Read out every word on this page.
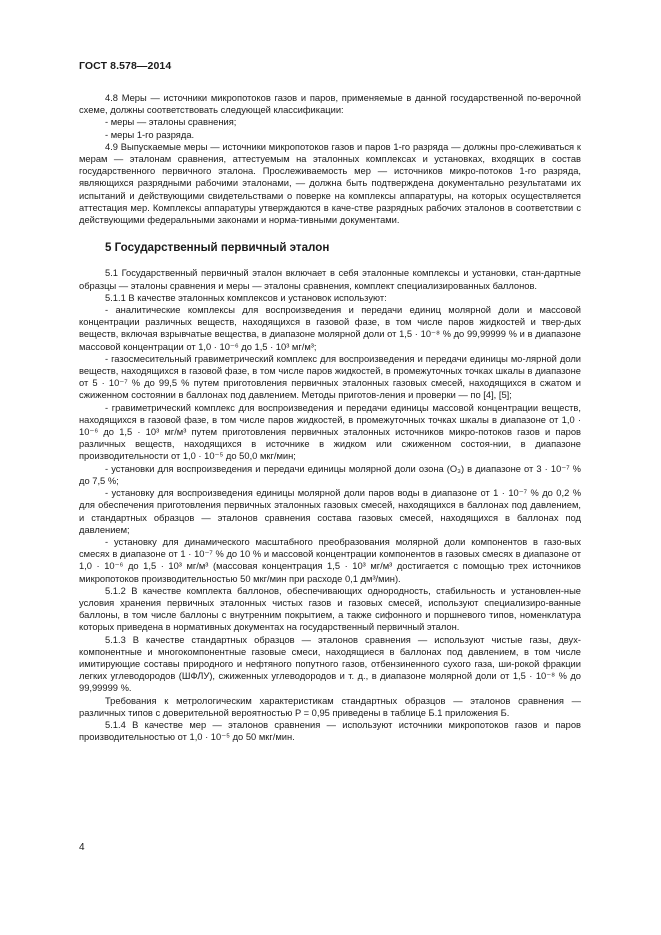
ГОСТ 8.578—2014

4.8 Меры — источники микропотоков газов и паров, применяемые в данной государственной по-верочной схеме, должны соответствовать следующей классификации:

- меры — эталоны сравнения;

- меры 1-го разряда.

4.9 Выпускаемые меры — источники микропотоков газов и паров 1-го разряда — должны про-слеживаться к мерам — эталонам сравнения, аттестуемым на эталонных комплексах и установках, входящих в состав государственного первичного эталона. Прослеживаемость мер — источников микро-потоков 1-го разряда, являющихся разрядными рабочими эталонами, — должна быть подтверждена документально результатами их испытаний и действующими свидетельствами о поверке на комплексы аппаратуры, на которых осуществляется аттестация мер. Комплексы аппаратуры утверждаются в каче-стве разрядных рабочих эталонов в соответствии с действующими федеральными законами и норма-тивными документами.

5 Государственный первичный эталон

5.1 Государственный первичный эталон включает в себя эталонные комплексы и установки, стан-дартные образцы — эталоны сравнения и меры — эталоны сравнения, комплект специализированных баллонов.

5.1.1 В качестве эталонных комплексов и установок используют:

- аналитические комплексы для воспроизведения и передачи единиц молярной доли и массовой концентрации различных веществ, находящихся в газовой фазе, в том числе паров жидкостей и твер-дых веществ, включая взрывчатые вещества, в диапазоне молярной доли от 1,5 · 10⁻⁸ % до 99,99999 % и в диапазоне массовой концентрации от 1,0 · 10⁻⁶ до 1,5 · 10³ мг/м³;

- газосмесительный гравиметрический комплекс для воспроизведения и передачи единицы мо-лярной доли веществ, находящихся в газовой фазе, в том числе паров жидкостей, в промежуточных точках шкалы в диапазоне от 5 · 10⁻⁷ % до 99,5 % путем приготовления первичных эталонных газовых смесей, находящихся в сжатом и сжиженном состоянии в баллонах под давлением. Методы приготов-ления и проверки — по [4], [5];

- гравиметрический комплекс для воспроизведения и передачи единицы массовой концентрации веществ, находящихся в газовой фазе, в том числе паров жидкостей, в промежуточных точках шкалы в диапазоне от 1,0 · 10⁻⁶ до 1,5 · 10³ мг/м³ путем приготовления первичных эталонных источников микро-потоков газов и паров различных веществ, находящихся в источнике в жидком или сжиженном состоя-нии, в диапазоне производительности от 1,0 · 10⁻⁵ до 50,0 мкг/мин;

- установки для воспроизведения и передачи единицы молярной доли озона (O₃) в диапазоне от 3 · 10⁻⁷ % до 7,5 %;

- установку для воспроизведения единицы молярной доли паров воды в диапазоне от 1 · 10⁻⁷ % до 0,2 % для обеспечения приготовления первичных эталонных газовых смесей, находящихся в баллонах под давлением, и стандартных образцов — эталонов сравнения состава газовых смесей, находящихся в баллонах под давлением;

- установку для динамического масштабного преобразования молярной доли компонентов в газо-вых смесях в диапазоне от 1 · 10⁻⁷ % до 10 % и массовой концентрации компонентов в газовых смесях в диапазоне от 1,0 · 10⁻⁶ до 1,5 · 10³ мг/м³ (массовая концентрация 1,5 · 10³ мг/м³ достигается с помощью трех источников микропотоков производительностью 50 мкг/мин при расходе 0,1 дм³/мин).

5.1.2 В качестве комплекта баллонов, обеспечивающих однородность, стабильность и установлен-ные условия хранения первичных эталонных чистых газов и газовых смесей, используют специализиро-ванные баллоны, в том числе баллоны с внутренним покрытием, а также сифонного и поршневого типов, номенклатура которых приведена в нормативных документах на государственный первичный эталон.

5.1.3 В качестве стандартных образцов — эталонов сравнения — используют чистые газы, двух-компонентные и многокомпонентные газовые смеси, находящиеся в баллонах под давлением, в том числе имитирующие составы природного и нефтяного попутного газов, отбензиненного сухого газа, ши-рокой фракции легких углеводородов (ШФЛУ), сжиженных углеводородов и т. д., в диапазоне молярной доли от 1,5 · 10⁻⁸ % до 99,99999 %.

Требования к метрологическим характеристикам стандартных образцов — эталонов сравнения — различных типов с доверительной вероятностью P = 0,95 приведены в таблице Б.1 приложения Б.

5.1.4 В качестве мер — эталонов сравнения — используют источники микропотоков газов и паров производительностью от 1,0 · 10⁻⁵ до 50 мкг/мин.

4
